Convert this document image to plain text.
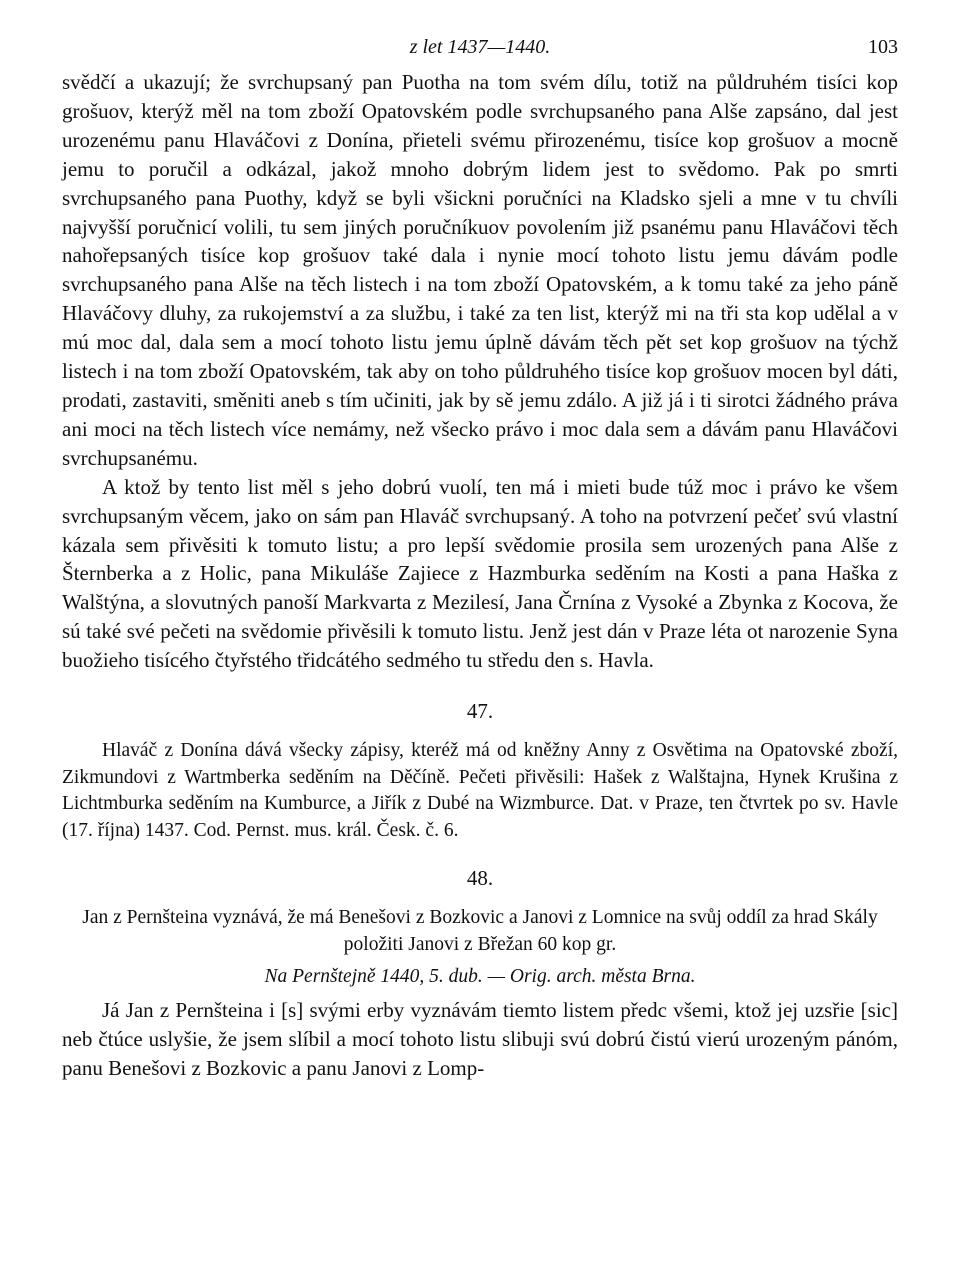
z let 1437—1440.	103

svědčí a ukazují; že svrchupsaný pan Puotha na tom svém dílu, totiž na půldruhém tisíci kop grošuov, kterýž měl na tom zboží Opatovském podle svrchupsaného pana Alše zapsáno, dal jest urozenému panu Hlaváčovi z Donína, přieteli svému přirozenému, tisíce kop grošuov a mocně jemu to poručil a odkázal, jakož mnoho dobrým lidem jest to svědomo. Pak po smrti svrchupsaného pana Puothy, když se byli všickni poručníci na Kladsko sjeli a mne v tu chvíli najvyšší poručnicí volili, tu sem jiných poručníkuov povolením již psanému panu Hlaváčovi těch nahořepsaných tisíce kop grošuov také dala i nynie mocí tohoto listu jemu dávám podle svrchupsaného pana Alše na těch listech i na tom zboží Opatovském, a k tomu také za jeho páně Hlaváčovy dluhy, za rukojemství a za službu, i také za ten list, kterýž mi na tři sta kop udělal a v mú moc dal, dala sem a mocí tohoto listu jemu úplně dávám těch pět set kop grošuov na týchž listech i na tom zboží Opatovském, tak aby on toho půldruhého tisíce kop grošuov mocen byl dáti, prodati, zastaviti, směniti aneb s tím učiniti, jak by sě jemu zdálo. A již já i ti sirotci žádného práva ani moci na těch listech více nemámy, než všecko právo i moc dala sem a dávám panu Hlaváčovi svrchupsanému.

A ktož by tento list měl s jeho dobrú vuolí, ten má i mieti bude túž moc i právo ke všem svrchupsaným věcem, jako on sám pan Hlaváč svrchupsaný. A toho na potvrzení pečeť svú vlastní kázala sem přivěsiti k tomuto listu; a pro lepší svědomie prosila sem urozených pana Alše z Šternberka a z Holic, pana Mikuláše Zajiece z Hazmburka seděním na Kosti a pana Haška z Walštýna, a slovutných panoší Markvarta z Mezilesí, Jana Črnína z Vysoké a Zbynka z Kocova, že sú také své pečeti na svědomie přivěsili k tomuto listu. Jenž jest dán v Praze léta ot narozenie Syna buožieho tisícého čtyřstého třidcátého sedmého tu středu den s. Havla.

47.

Hlaváč z Donína dává všecky zápisy, kteréž má od kněžny Anny z Osvětima na Opatovské zboží, Zikmundovi z Wartmberka seděním na Děčíně. Pečeti přivěsili: Hašek z Walštajna, Hynek Krušina z Lichtmburka seděním na Kumburce, a Jiřík z Dubé na Wizmburce. Dat. v Praze, ten čtvrtek po sv. Havle (17. října) 1437. Cod. Pernst. mus. král. Česk. č. 6.

48.

Jan z Pernšteina vyznává, že má Benešovi z Bozkovic a Janovi z Lomnice na svůj oddíl za hrad Skály položiti Janovi z Břežan 60 kop gr.

Na Pernštejně 1440, 5. dub. — Orig. arch. města Brna.

Já Jan z Pernšteina i [s] svými erby vyznávám tiemto listem předc všemi, ktož jej uzsřie [sic] neb čtúce uslyšie, že jsem slíbil a mocí tohoto listu slibuji svú dobrú čistú vierú urozeným pánóm, panu Benešovi z Bozkovic a panu Janovi z Lomp-
